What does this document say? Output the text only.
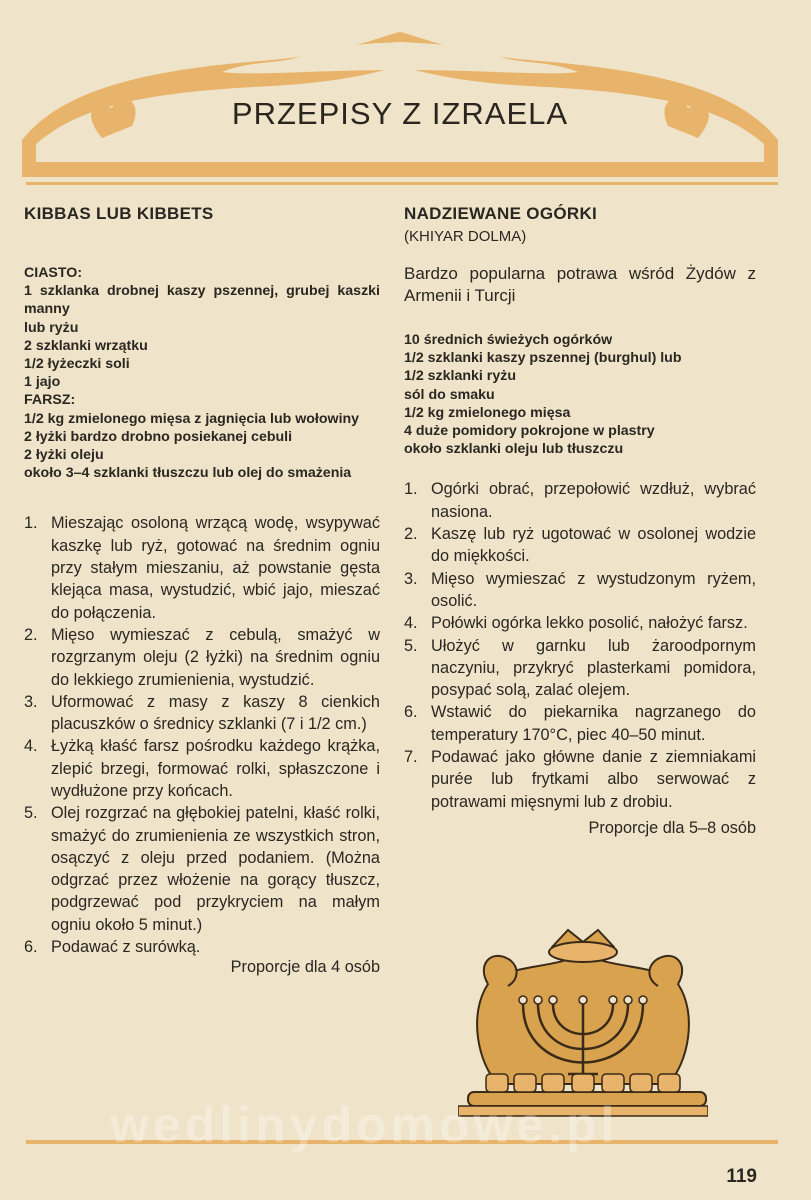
PRZEPISY Z IZRAELA
KIBBAS LUB KIBBETS
CIASTO:
1 szklanka drobnej kaszy pszennej, grubej kaszki manny
lub ryżu
2 szklanki wrzątku
1/2 łyżeczki soli
1 jajo
FARSZ:
1/2 kg zmielonego mięsa z jagnięcia lub wołowiny
2 łyżki bardzo drobno posiekanej cebuli
2 łyżki oleju
około 3–4 szklanki tłuszczu lub olej do smażenia
1. Mieszając osoloną wrzącą wodę, wsypywać kaszkę lub ryż, gotować na średnim ogniu przy stałym mieszaniu, aż powstanie gęsta klejąca masa, wystudzić, wbić jajo, mieszać do połączenia.
2. Mięso wymieszać z cebulą, smażyć w rozgrzanym oleju (2 łyżki) na średnim ogniu do lekkiego zrumienienia, wystudzić.
3. Uformować z masy z kaszy 8 cienkich placuszków o średnicy szklanki (7 i 1/2 cm.)
4. Łyżką kłaść farsz pośrodku każdego krążka, zlepić brzegi, formować rolki, spłaszczone i wydłużone przy końcach.
5. Olej rozgrzać na głębokiej patelni, kłaść rolki, smażyć do zrumienienia ze wszystkich stron, osączyć z oleju przed podaniem. (Można odgrzać przez włożenie na gorący tłuszcz, podgrzewać pod przykryciem na małym ogniu około 5 minut.)
6. Podawać z surówką.
Proporcje dla 4 osób
NADZIEWANE OGÓRKI
(KHIYAR DOLMA)
Bardzo popularna potrawa wśród Żydów z Armenii i Turcji
10 średnich świeżych ogórków
1/2 szklanki kaszy pszennej (burghul) lub
1/2 szklanki ryżu
sól do smaku
1/2 kg zmielonego mięsa
4 duże pomidory pokrojone w plastry
około szklanki oleju lub tłuszczu
1. Ogórki obrać, przepołowić wzdłuż, wybrać nasiona.
2. Kaszę lub ryż ugotować w osolonej wodzie do miękkości.
3. Mięso wymieszać z wystudzonym ryżem, osolić.
4. Połówki ogórka lekko posolić, nałożyć farsz.
5. Ułożyć w garnku lub żaroodpornym naczyniu, przykryć plasterkami pomidora, posypać solą, zalać olejem.
6. Wstawić do piekarnika nagrzanego do temperatury 170°C, piec 40–50 minut.
7. Podawać jako główne danie z ziemniakami purée lub frytkami albo serwować z potrawami mięsnymi lub z drobiu.
Proporcje dla 5–8 osób
wedlinydomowe.pl
119
